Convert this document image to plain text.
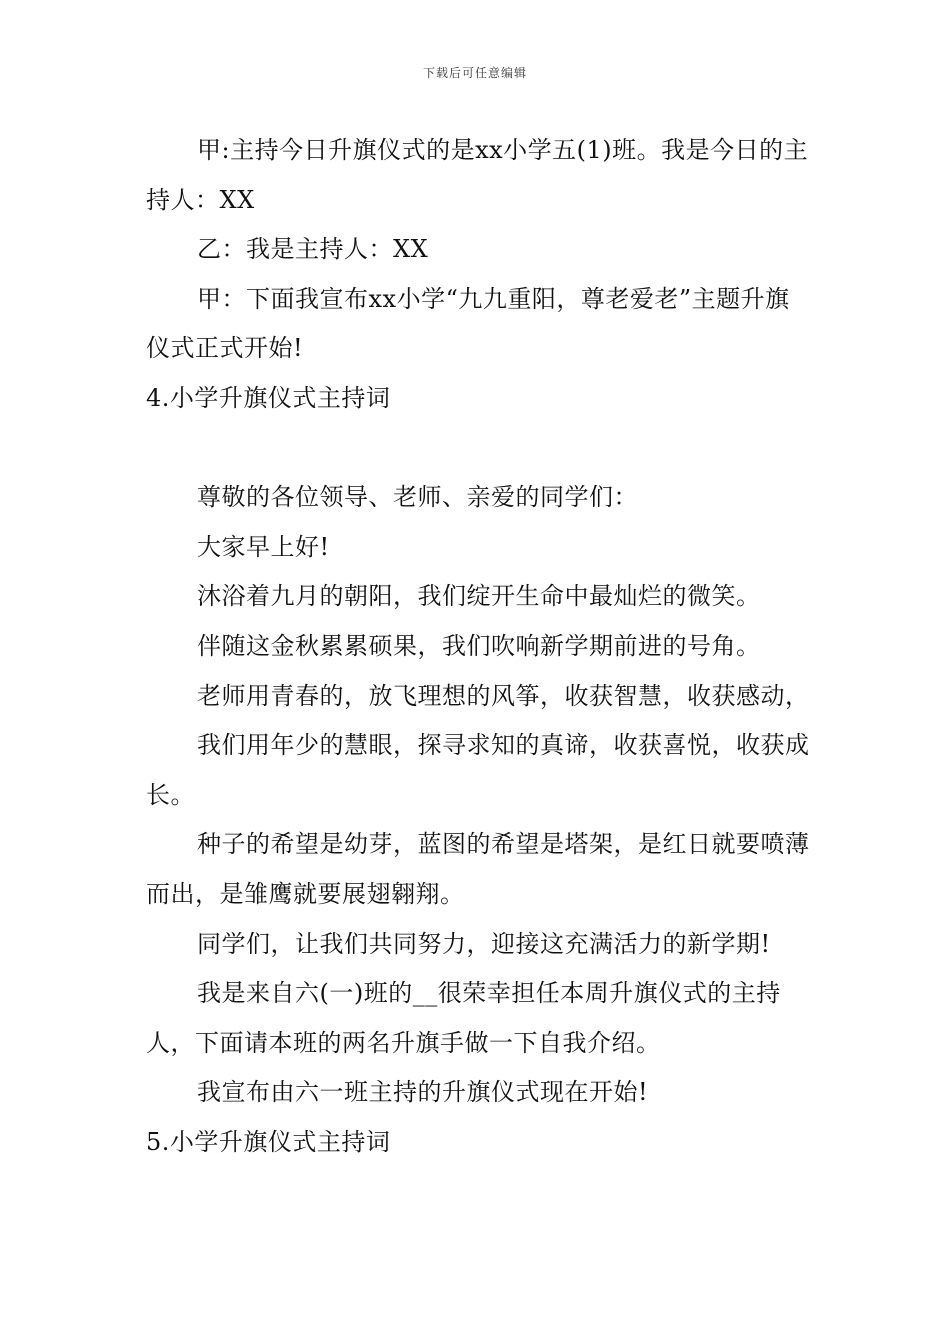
下载后可任意编辑

甲:主持今日升旗仪式的是xx小学五(1)班。我是今日的主持人：XX

乙：我是主持人：XX

甲：下面我宣布xx小学“九九重阳，尊老爱老”主题升旗仪式正式开始!

4.小学升旗仪式主持词

尊敬的各位领导、老师、亲爱的同学们：

大家早上好!

沐浴着九月的朝阳，我们绽开生命中最灿烂的微笑。

伴随这金秋累累硕果，我们吹响新学期前进的号角。

老师用青春的，放飞理想的风筝，收获智慧，收获感动，

我们用年少的慧眼，探寻求知的真谛，收获喜悦，收获成长。

种子的希望是幼芽，蓝图的希望是塔架，是红日就要喷薄而出，是雏鹰就要展翅翱翔。

同学们，让我们共同努力，迎接这充满活力的新学期!

我是来自六(一)班的__很荣幸担任本周升旗仪式的主持人，下面请本班的两名升旗手做一下自我介绍。

我宣布由六一班主持的升旗仪式现在开始!

5.小学升旗仪式主持词
